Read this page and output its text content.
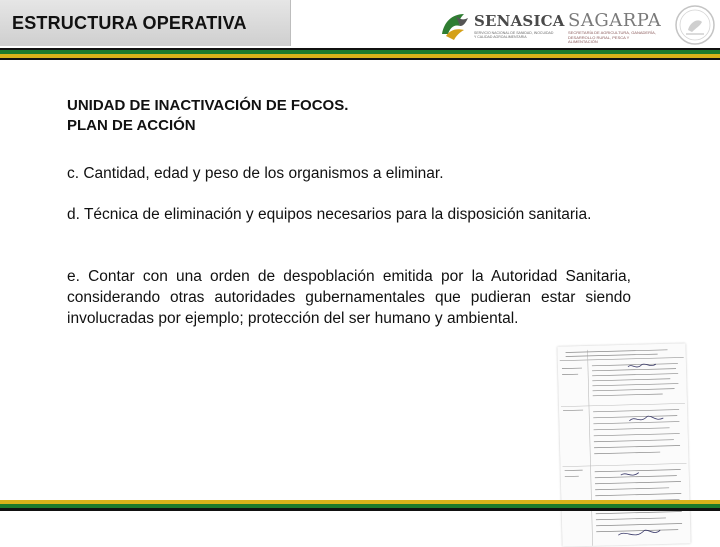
ESTRUCTURA OPERATIVA	SENASICA
SERVICIO NACIONAL DE SANIDAD, INOCUIDAD Y CALIDAD AGROALIMENTARIA
SAGARPA
SECRETARÍA DE AGRICULTURA, GANADERÍA, DESARROLLO RURAL, PESCA Y ALIMENTACIÓN
UNIDAD DE INACTIVACIÓN DE FOCOS.
PLAN DE ACCIÓN
c. Cantidad, edad y peso de los organismos a eliminar.
d. Técnica de eliminación y equipos necesarios para la disposición sanitaria.
e. Contar con una orden de despoblación emitida por la Autoridad Sanitaria, considerando otras autoridades gubernamentales que pudieran estar siendo involucradas por ejemplo; protección del ser humano y ambiental.
